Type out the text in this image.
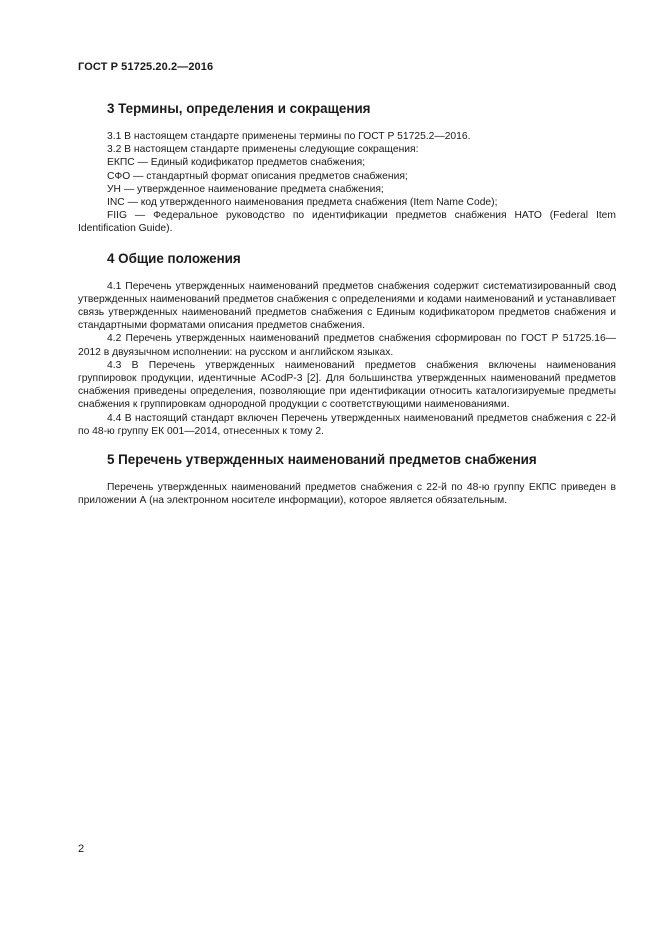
ГОСТ Р 51725.20.2—2016
3 Термины, определения и сокращения

3.1 В настоящем стандарте применены термины по ГОСТ Р 51725.2—2016.

3.2 В настоящем стандарте применены следующие сокращения:

ЕКПС — Единый кодификатор предметов снабжения;

СФО — стандартный формат описания предметов снабжения;

УН — утвержденное наименование предмета снабжения;

INC — код утвержденного наименования предмета снабжения (Item Name Code);

FIIG — Федеральное руководство по идентификации предметов снабжения НАТО (Federal Item Identification Guide).

4 Общие положения

4.1 Перечень утвержденных наименований предметов снабжения содержит систематизированный свод утвержденных наименований предметов снабжения с определениями и кодами наименований и устанавливает связь утвержденных наименований предметов снабжения с Единым кодификатором предметов снабжения и стандартными форматами описания предметов снабжения.

4.2 Перечень утвержденных наименований предметов снабжения сформирован по ГОСТ Р 51725.16—2012 в двуязычном исполнении: на русском и английском языках.

4.3 В Перечень утвержденных наименований предметов снабжения включены наименования группировок продукции, идентичные ACodP-3 [2]. Для большинства утвержденных наименований предметов снабжения приведены определения, позволяющие при идентификации относить каталогизируемые предметы снабжения к группировкам однородной продукции с соответствующими наименованиями.

4.4 В настоящий стандарт включен Перечень утвержденных наименований предметов снабжения с 22-й по 48-ю группу ЕК 001—2014, отнесенных к тому 2.

5 Перечень утвержденных наименований предметов снабжения

Перечень утвержденных наименований предметов снабжения с 22-й по 48-ю группу ЕКПС приведен в приложении А (на электронном носителе информации), которое является обязательным.

2
